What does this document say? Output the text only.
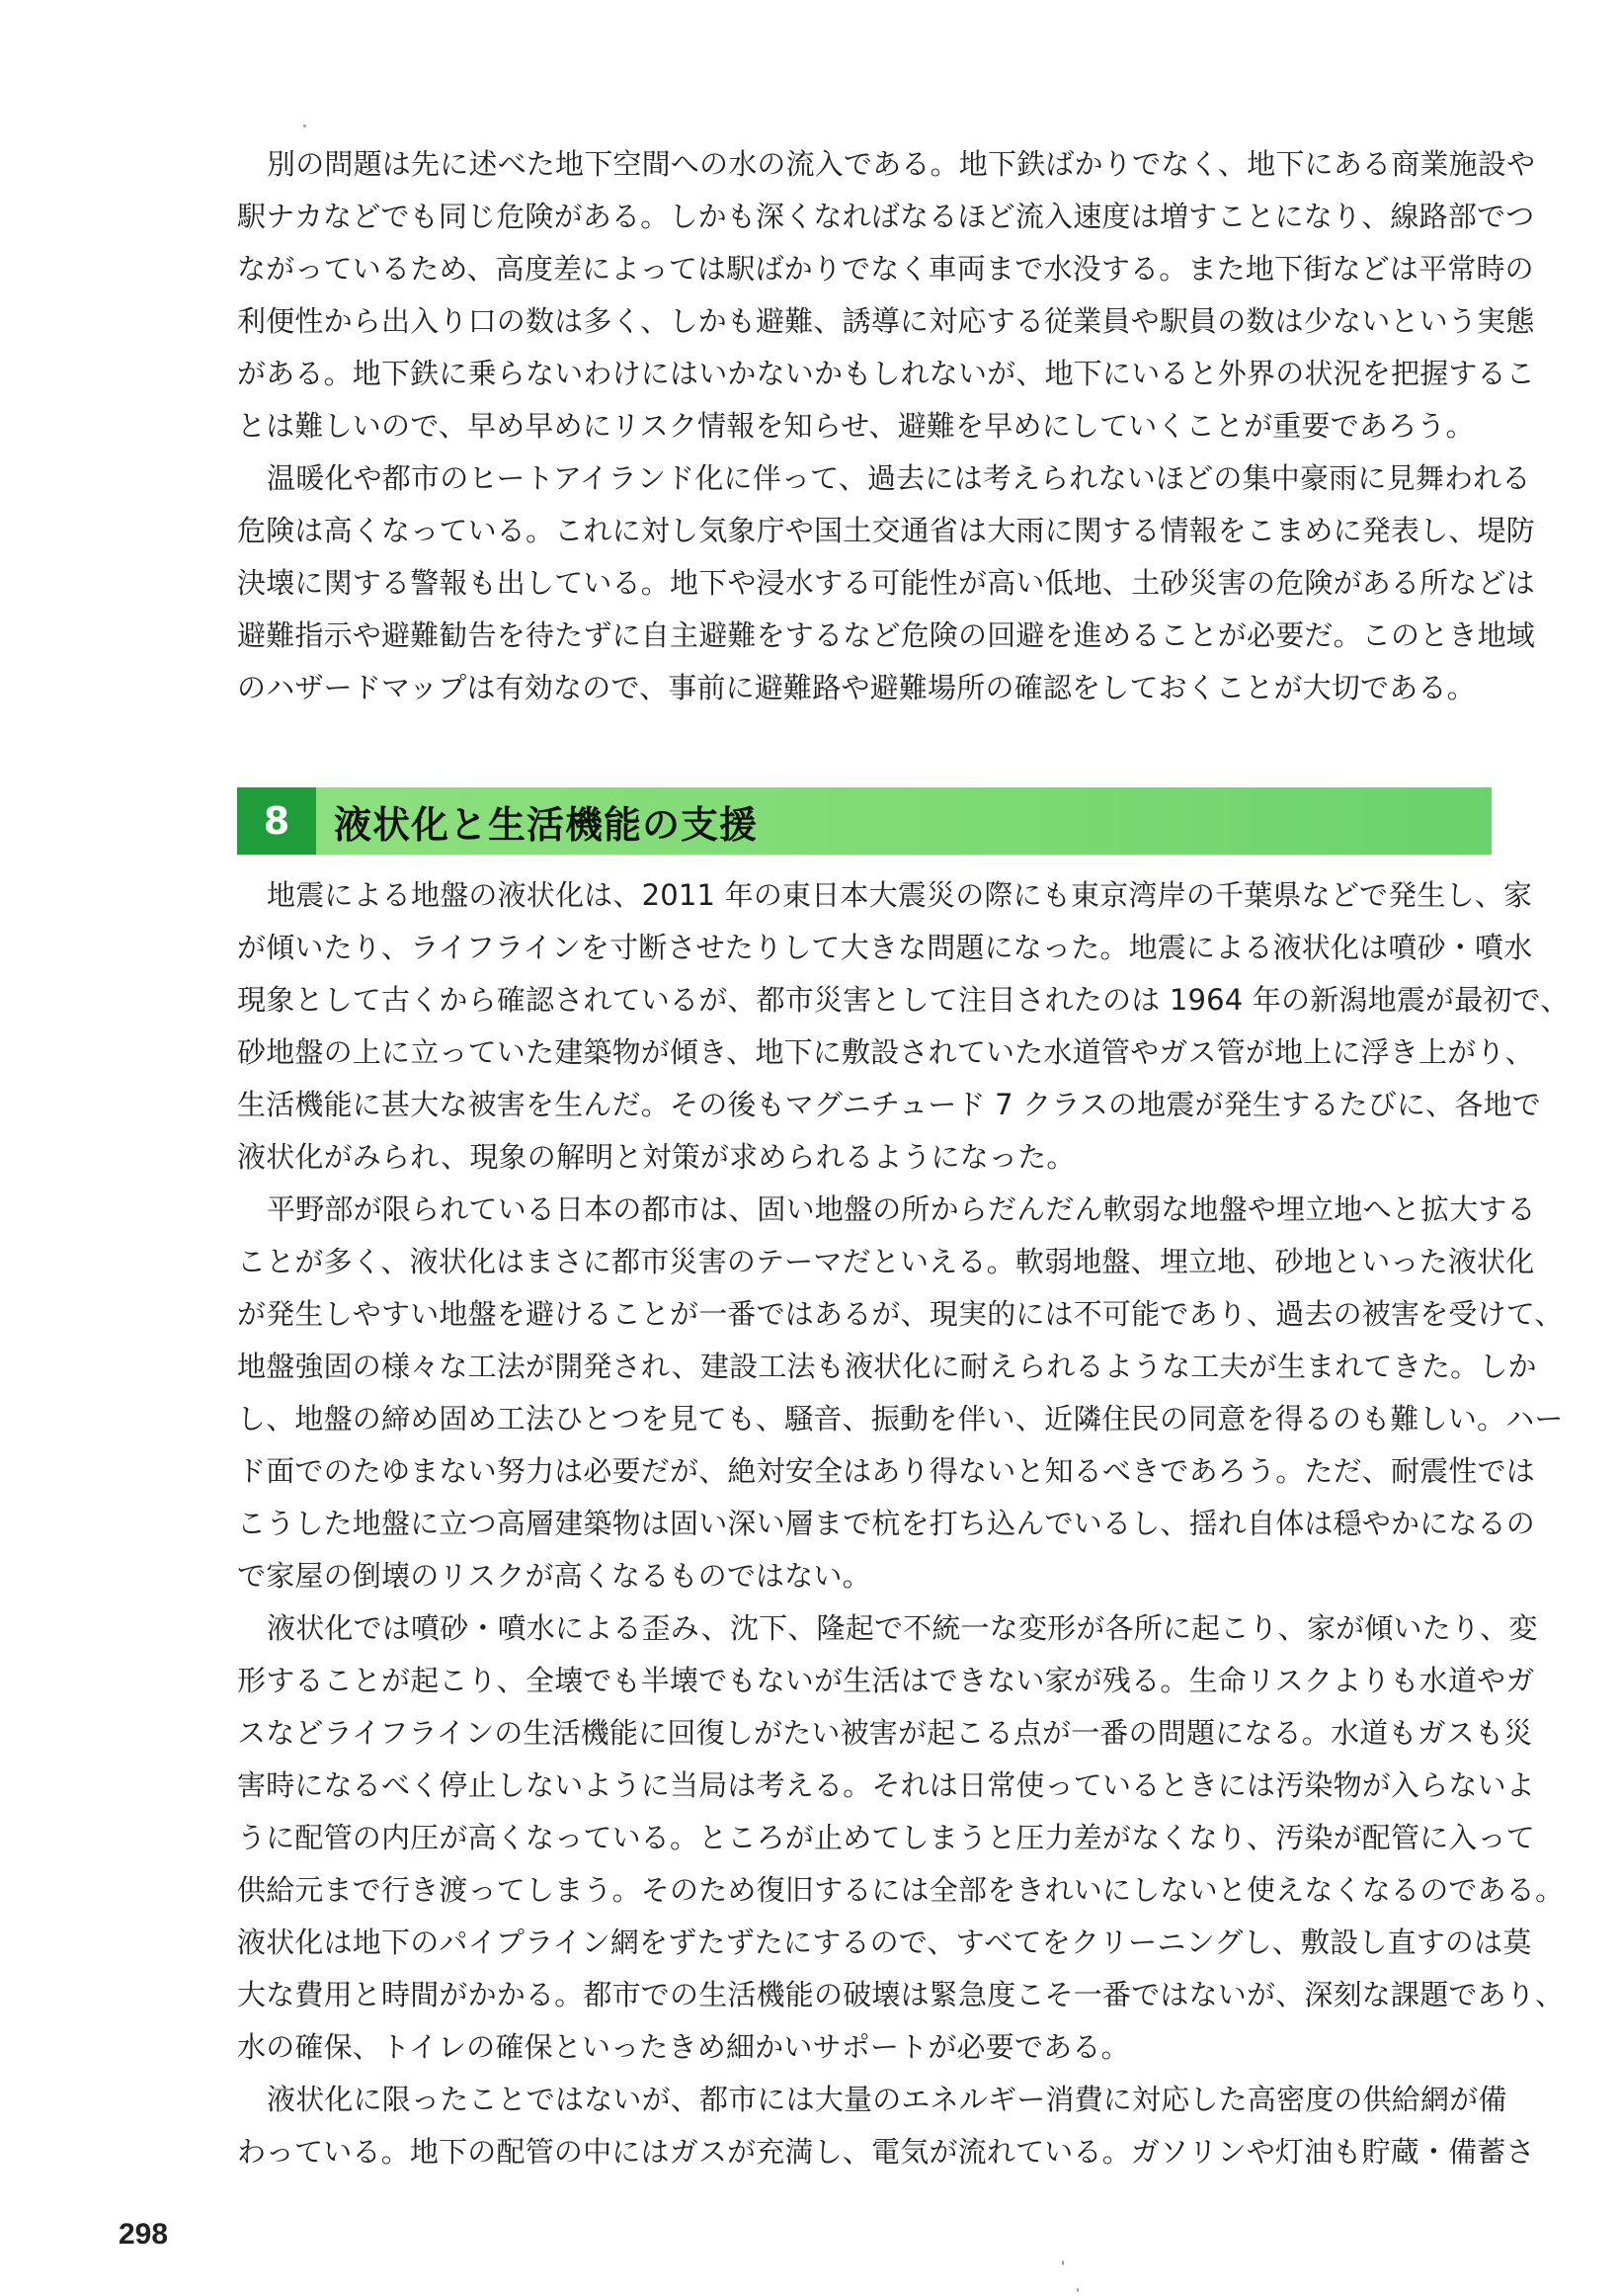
別の問題は先に述べた地下空間への水の流入である。地下鉄ばかりでなく、地下にある商業施設や
駅ナカなどでも同じ危険がある。しかも深くなればなるほど流入速度は増すことになり、線路部でつ
ながっているため、高度差によっては駅ばかりでなく車両まで水没する。また地下街などは平常時の
利便性から出入り口の数は多く、しかも避難、誘導に対応する従業員や駅員の数は少ないという実態
がある。地下鉄に乗らないわけにはいかないかもしれないが、地下にいると外界の状況を把握するこ
とは難しいので、早め早めにリスク情報を知らせ、避難を早めにしていくことが重要であろう。
温暖化や都市のヒートアイランド化に伴って、過去には考えられないほどの集中豪雨に見舞われる
危険は高くなっている。これに対し気象庁や国土交通省は大雨に関する情報をこまめに発表し、堤防
決壊に関する警報も出している。地下や浸水する可能性が高い低地、土砂災害の危険がある所などは
避難指示や避難勧告を待たずに自主避難をするなど危険の回避を進めることが必要だ。このとき地域
のハザードマップは有効なので、事前に避難路や避難場所の確認をしておくことが大切である。
8	液状化と生活機能の支援
地震による地盤の液状化は、2011 年の東日本大震災の際にも東京湾岸の千葉県などで発生し、家
が傾いたり、ライフラインを寸断させたりして大きな問題になった。地震による液状化は噴砂・噴水
現象として古くから確認されているが、都市災害として注目されたのは 1964 年の新潟地震が最初で、
砂地盤の上に立っていた建築物が傾き、地下に敷設されていた水道管やガス管が地上に浮き上がり、
生活機能に甚大な被害を生んだ。その後もマグニチュード 7 クラスの地震が発生するたびに、各地で
液状化がみられ、現象の解明と対策が求められるようになった。
平野部が限られている日本の都市は、固い地盤の所からだんだん軟弱な地盤や埋立地へと拡大する
ことが多く、液状化はまさに都市災害のテーマだといえる。軟弱地盤、埋立地、砂地といった液状化
が発生しやすい地盤を避けることが一番ではあるが、現実的には不可能であり、過去の被害を受けて、
地盤強固の様々な工法が開発され、建設工法も液状化に耐えられるような工夫が生まれてきた。しか
し、地盤の締め固め工法ひとつを見ても、騒音、振動を伴い、近隣住民の同意を得るのも難しい。ハー
ド面でのたゆまない努力は必要だが、絶対安全はあり得ないと知るべきであろう。ただ、耐震性では
こうした地盤に立つ高層建築物は固い深い層まで杭を打ち込んでいるし、揺れ自体は穏やかになるの
で家屋の倒壊のリスクが高くなるものではない。
液状化では噴砂・噴水による歪み、沈下、隆起で不統一な変形が各所に起こり、家が傾いたり、変
形することが起こり、全壊でも半壊でもないが生活はできない家が残る。生命リスクよりも水道やガ
スなどライフラインの生活機能に回復しがたい被害が起こる点が一番の問題になる。水道もガスも災
害時になるべく停止しないように当局は考える。それは日常使っているときには汚染物が入らないよ
うに配管の内圧が高くなっている。ところが止めてしまうと圧力差がなくなり、汚染が配管に入って
供給元まで行き渡ってしまう。そのため復旧するには全部をきれいにしないと使えなくなるのである。
液状化は地下のパイプライン網をずたずたにするので、すべてをクリーニングし、敷設し直すのは莫
大な費用と時間がかかる。都市での生活機能の破壊は緊急度こそ一番ではないが、深刻な課題であり、
水の確保、トイレの確保といったきめ細かいサポートが必要である。
液状化に限ったことではないが、都市には大量のエネルギー消費に対応した高密度の供給網が備
わっている。地下の配管の中にはガスが充満し、電気が流れている。ガソリンや灯油も貯蔵・備蓄さ
298
